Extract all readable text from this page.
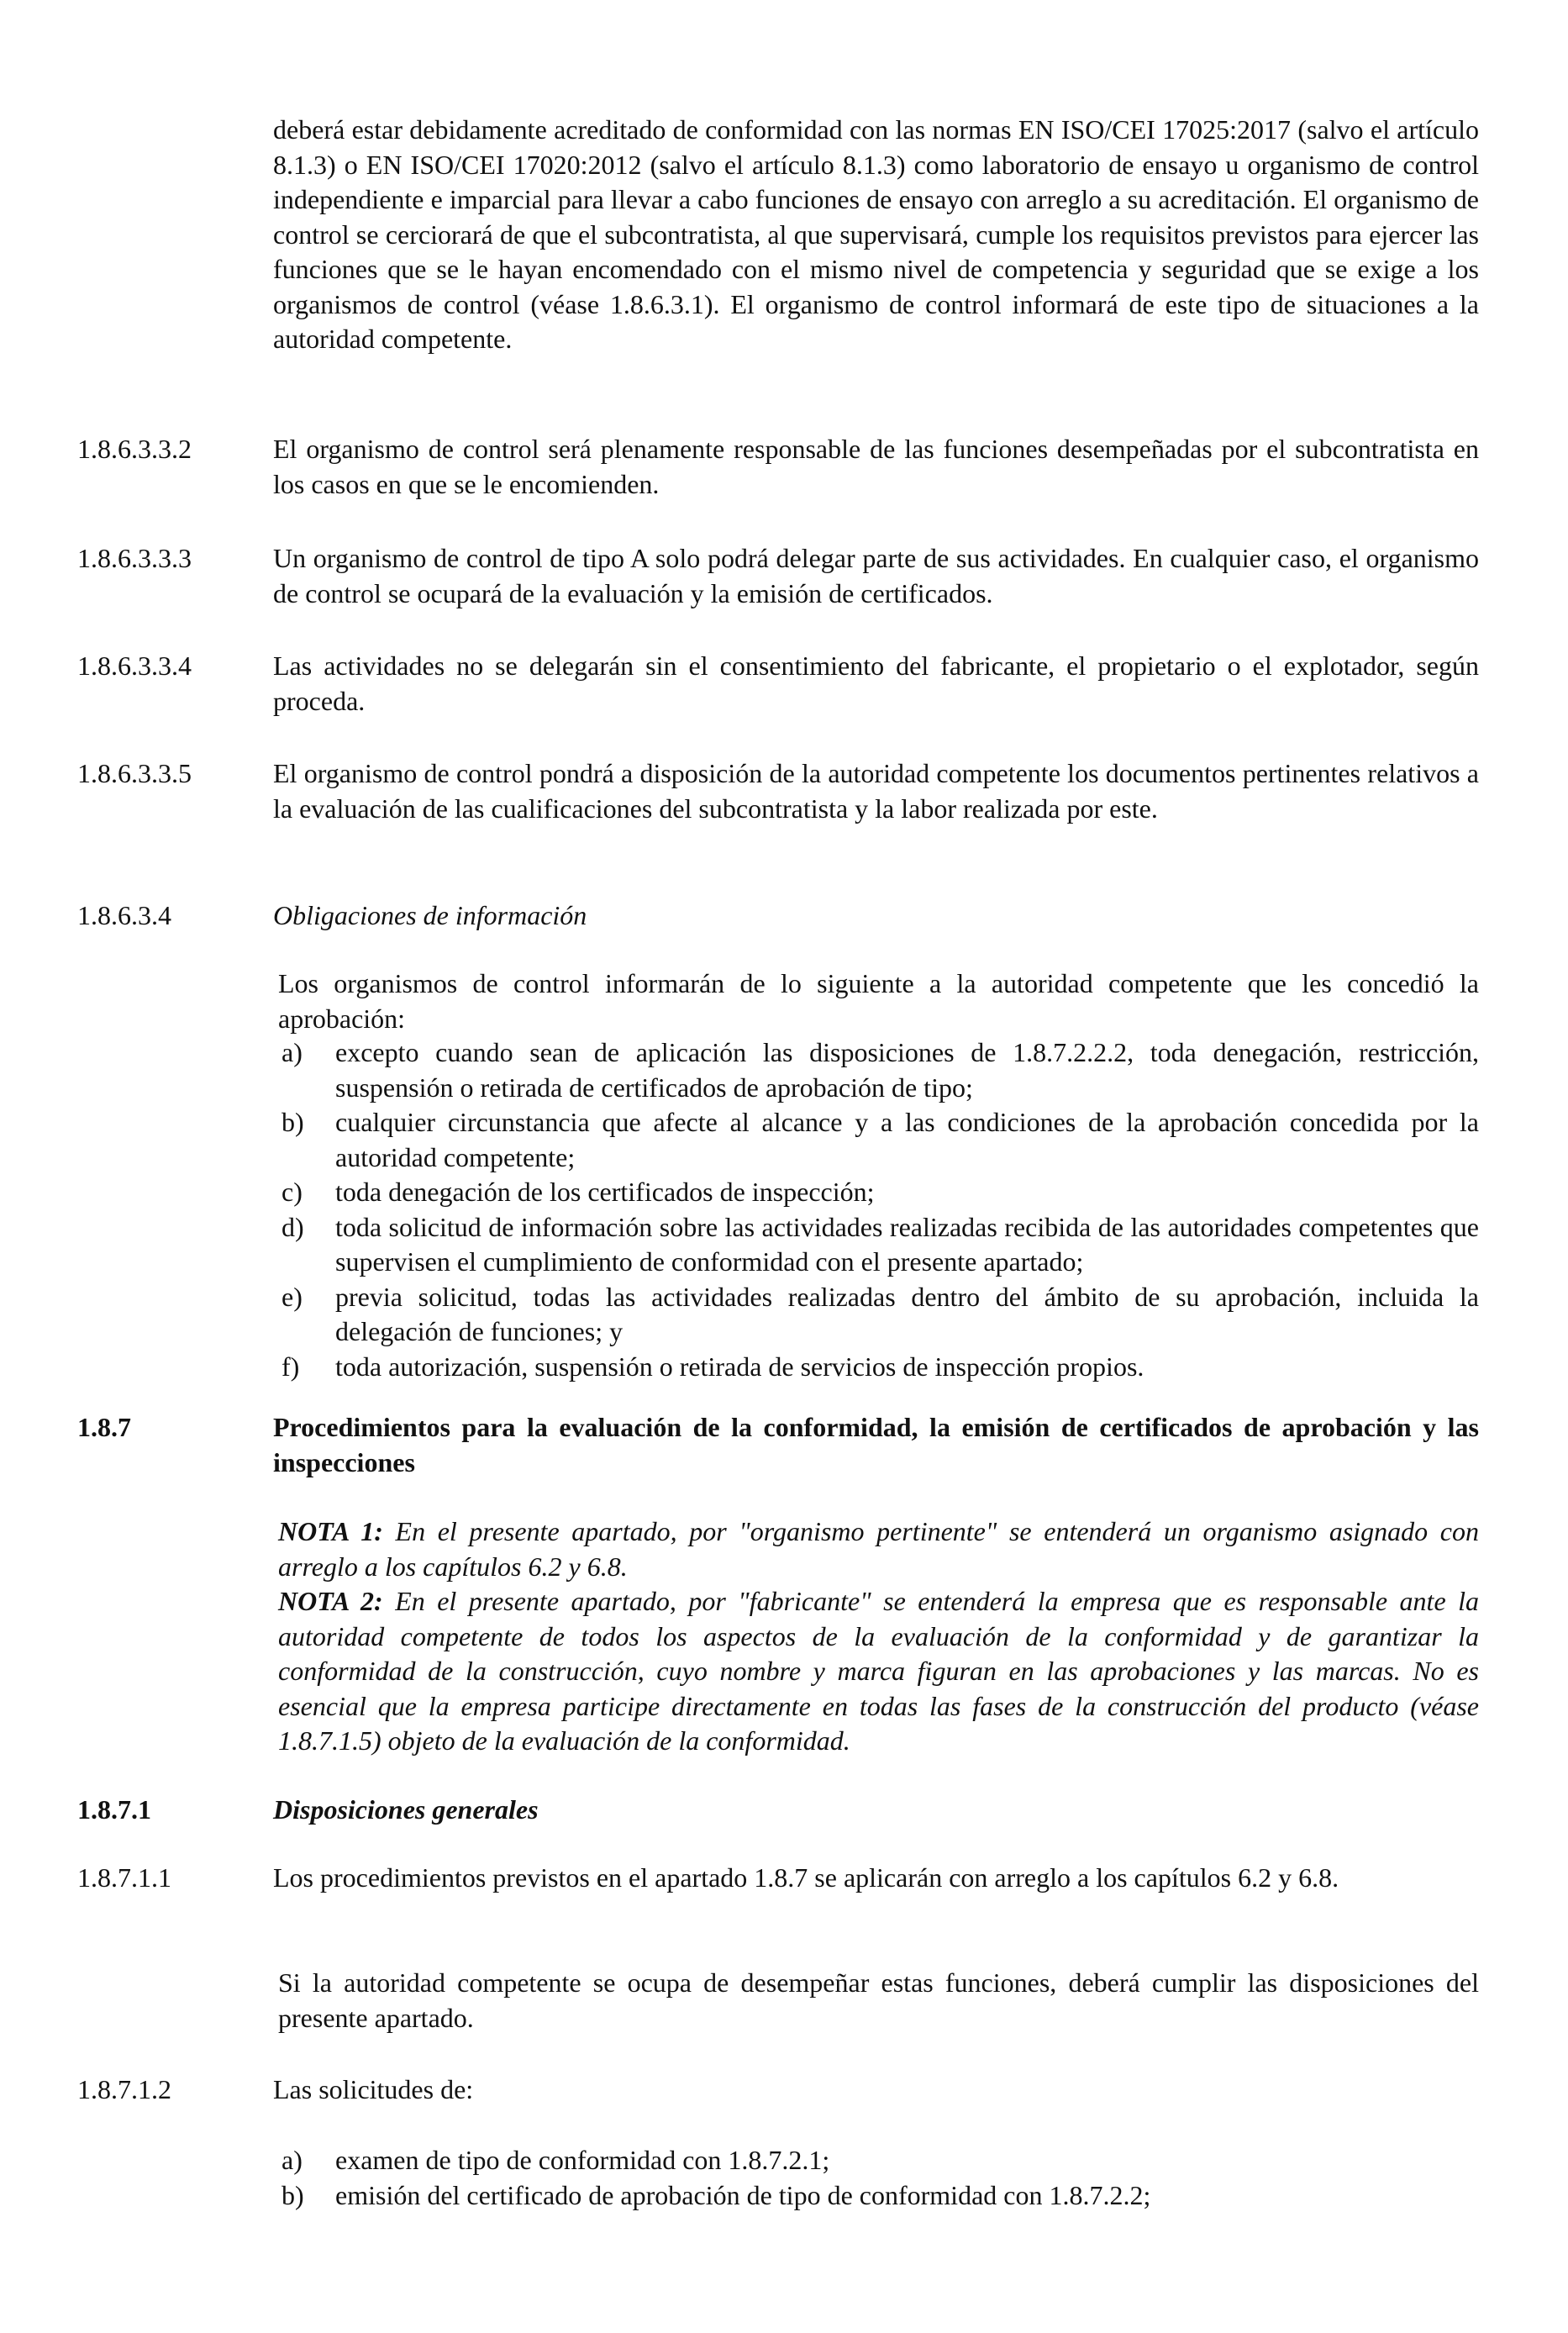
deberá estar debidamente acreditado de conformidad con las normas EN ISO/CEI 17025:2017 (salvo el artículo 8.1.3) o EN ISO/CEI 17020:2012 (salvo el artículo 8.1.3) como laboratorio de ensayo u organismo de control independiente e imparcial para llevar a cabo funciones de ensayo con arreglo a su acreditación. El organismo de control se cerciorará de que el subcontratista, al que supervisará, cumple los requisitos previstos para ejercer las funciones que se le hayan encomendado con el mismo nivel de competencia y seguridad que se exige a los organismos de control (véase 1.8.6.3.1). El organismo de control informará de este tipo de situaciones a la autoridad competente.
1.8.6.3.3.2	El organismo de control será plenamente responsable de las funciones desempeñadas por el subcontratista en los casos en que se le encomienden.
1.8.6.3.3.3	Un organismo de control de tipo A solo podrá delegar parte de sus actividades. En cualquier caso, el organismo de control se ocupará de la evaluación y la emisión de certificados.
1.8.6.3.3.4	Las actividades no se delegarán sin el consentimiento del fabricante, el propietario o el explotador, según proceda.
1.8.6.3.3.5	El organismo de control pondrá a disposición de la autoridad competente los documentos pertinentes relativos a la evaluación de las cualificaciones del subcontratista y la labor realizada por este.
1.8.6.3.4	Obligaciones de información
Los organismos de control informarán de lo siguiente a la autoridad competente que les concedió la aprobación:
a) excepto cuando sean de aplicación las disposiciones de 1.8.7.2.2.2, toda denegación, restricción, suspensión o retirada de certificados de aprobación de tipo;
b) cualquier circunstancia que afecte al alcance y a las condiciones de la aprobación concedida por la autoridad competente;
c) toda denegación de los certificados de inspección;
d) toda solicitud de información sobre las actividades realizadas recibida de las autoridades competentes que supervisen el cumplimiento de conformidad con el presente apartado;
e) previa solicitud, todas las actividades realizadas dentro del ámbito de su aprobación, incluida la delegación de funciones; y
f) toda autorización, suspensión o retirada de servicios de inspección propios.
1.8.7	Procedimientos para la evaluación de la conformidad, la emisión de certificados de aprobación y las inspecciones
NOTA 1: En el presente apartado, por "organismo pertinente" se entenderá un organismo asignado con arreglo a los capítulos 6.2 y 6.8.
NOTA 2: En el presente apartado, por "fabricante" se entenderá la empresa que es responsable ante la autoridad competente de todos los aspectos de la evaluación de la conformidad y de garantizar la conformidad de la construcción, cuyo nombre y marca figuran en las aprobaciones y las marcas. No es esencial que la empresa participe directamente en todas las fases de la construcción del producto (véase 1.8.7.1.5) objeto de la evaluación de la conformidad.
1.8.7.1	Disposiciones generales
1.8.7.1.1	Los procedimientos previstos en el apartado 1.8.7 se aplicarán con arreglo a los capítulos 6.2 y 6.8.
Si la autoridad competente se ocupa de desempeñar estas funciones, deberá cumplir las disposiciones del presente apartado.
1.8.7.1.2	Las solicitudes de:
a) examen de tipo de conformidad con 1.8.7.2.1;
b) emisión del certificado de aprobación de tipo de conformidad con 1.8.7.2.2;
